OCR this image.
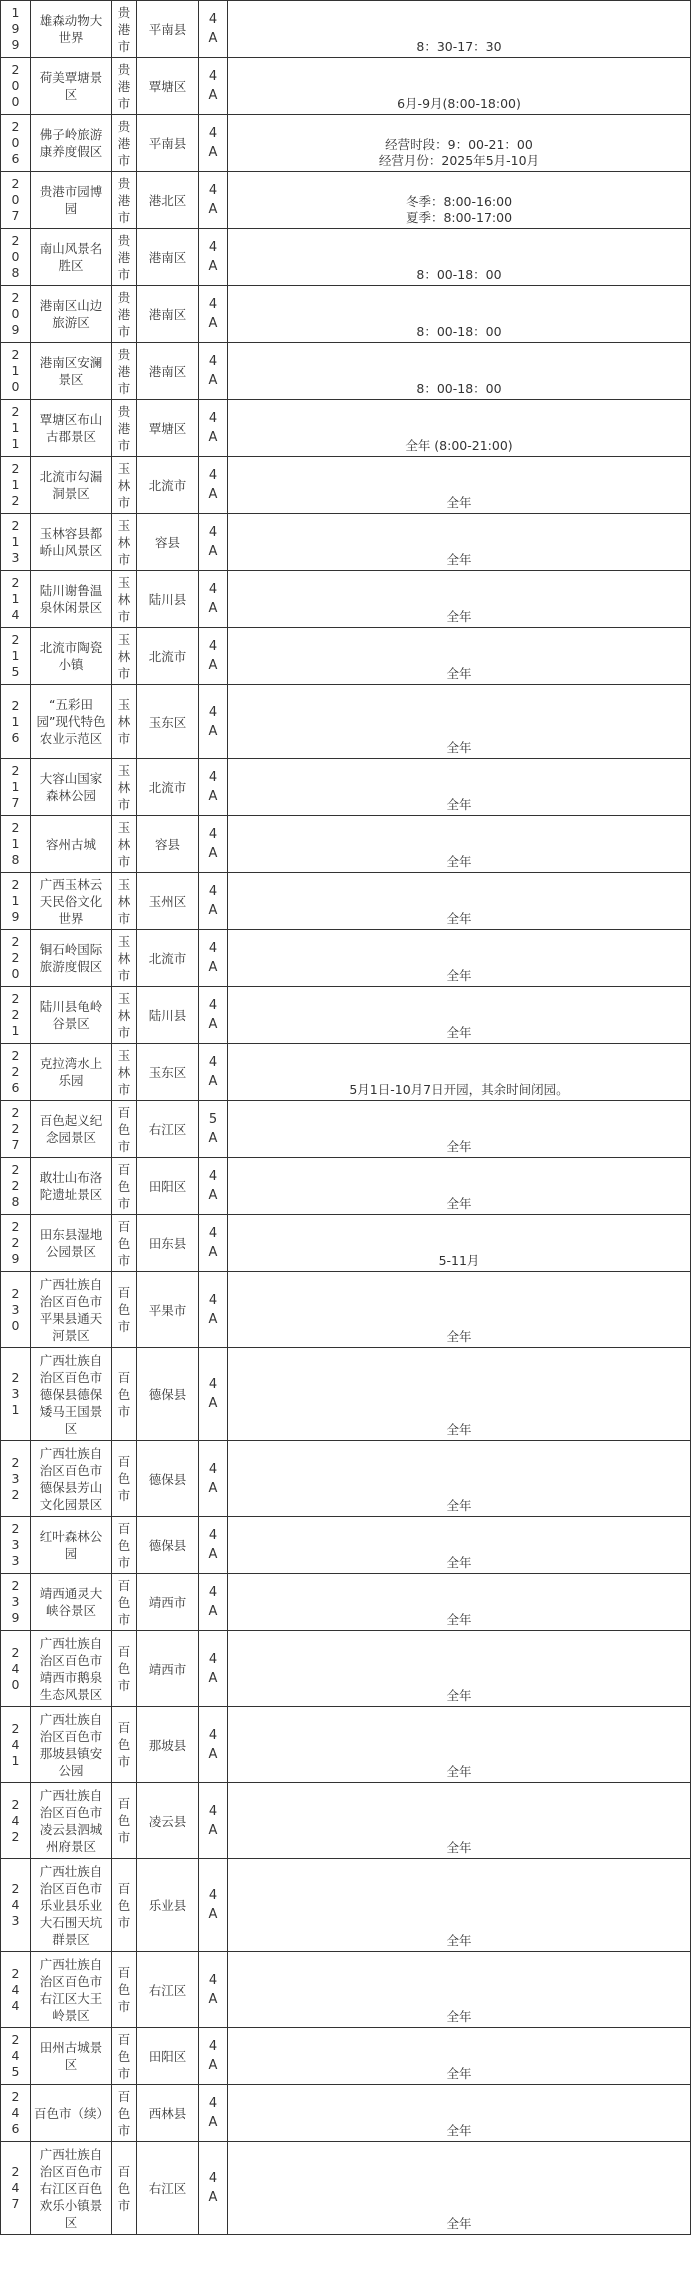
199	雄森动物大世界	贵港市	平南县	4A	8：30-17：30

200	荷美覃塘景区	贵港市	覃塘区	4A	6月-9月(8:00-18:00)

206	佛子岭旅游康养度假区	贵港市	平南县	4A	经营时段：9：00-21：00
经营月份：2025年5月-10月

207	贵港市园博园	贵港市	港北区	4A	冬季：8:00-16:00
夏季：8:00-17:00

208	南山风景名胜区	贵港市	港南区	4A	8：00-18：00

209	港南区山边旅游区	贵港市	港南区	4A	8：00-18：00

210	港南区安澜景区	贵港市	港南区	4A	8：00-18：00

211	覃塘区布山古郡景区	贵港市	覃塘区	4A	全年 (8:00-21:00)

212	北流市勾漏洞景区	玉林市	北流市	4A	全年

213	玉林容县都峤山风景区	玉林市	容县	4A	全年

214	陆川谢鲁温泉休闲景区	玉林市	陆川县	4A	全年

215	北流市陶瓷小镇	玉林市	北流市	4A	全年

216	“五彩田园”现代特色农业示范区	玉林市	玉东区	4A	全年

217	大容山国家森林公园	玉林市	北流市	4A	全年

218	容州古城	玉林市	容县	4A	全年

219	广西玉林云天民俗文化世界	玉林市	玉州区	4A	全年

220	铜石岭国际旅游度假区	玉林市	北流市	4A	全年

221	陆川县龟岭谷景区	玉林市	陆川县	4A	全年

226	克拉湾水上乐园	玉林市	玉东区	4A	5月1日-10月7日开园，其余时间闭园。

227	百色起义纪念园景区	百色市	右江区	5A	全年

228	敢壮山布洛陀遗址景区	百色市	田阳区	4A	全年

229	田东县湿地公园景区	百色市	田东县	4A	5-11月

230	广西壮族自治区百色市平果县通天河景区	百色市	平果市	4A	全年

231	广西壮族自治区百色市德保县德保矮马王国景区	百色市	德保县	4A	全年

232	广西壮族自治区百色市德保县芳山文化园景区	百色市	德保县	4A	全年

233	红叶森林公园	百色市	德保县	4A	全年

239	靖西通灵大峡谷景区	百色市	靖西市	4A	全年

240	广西壮族自治区百色市靖西市鹅泉生态风景区	百色市	靖西市	4A	全年

241	广西壮族自治区百色市那坡县镇安公园	百色市	那坡县	4A	全年

242	广西壮族自治区百色市凌云县泗城州府景区	百色市	凌云县	4A	全年

243	广西壮族自治区百色市乐业县乐业大石围天坑群景区	百色市	乐业县	4A	全年

244	广西壮族自治区百色市右江区大王岭景区	百色市	右江区	4A	全年

245	田州古城景区	百色市	田阳区	4A	全年

246	百色市（续）	百色市	西林县	4A	全年

247	广西壮族自治区百色市右江区百色欢乐小镇景区	百色市	右江区	4A	全年
